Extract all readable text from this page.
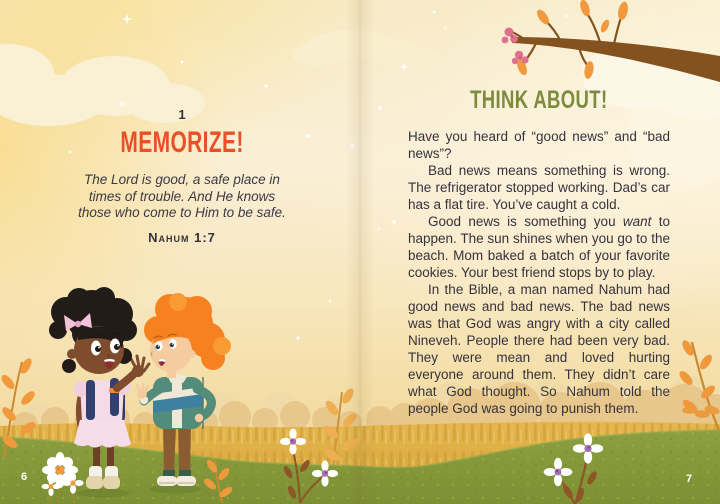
1
MEMORIZE!

The Lord is good, a safe place in times of trouble. And He knows those who come to Him to be safe.

Nahum 1:7

THINK ABOUT!

Have you heard of “good news” and “bad news”?

Bad news means something is wrong. The refrigerator stopped working. Dad’s car has a flat tire. You’ve caught a cold.

Good news is something you want to happen. The sun shines when you go to the beach. Mom baked a batch of your favorite cookies. Your best friend stops by to play.

In the Bible, a man named Nahum had good news and bad news. The bad news was that God was angry with a city called Nineveh. People there had been very bad. They were mean and loved hurting everyone around them. They didn’t care what God thought. So Nahum told the people God was going to punish them.

6	7
